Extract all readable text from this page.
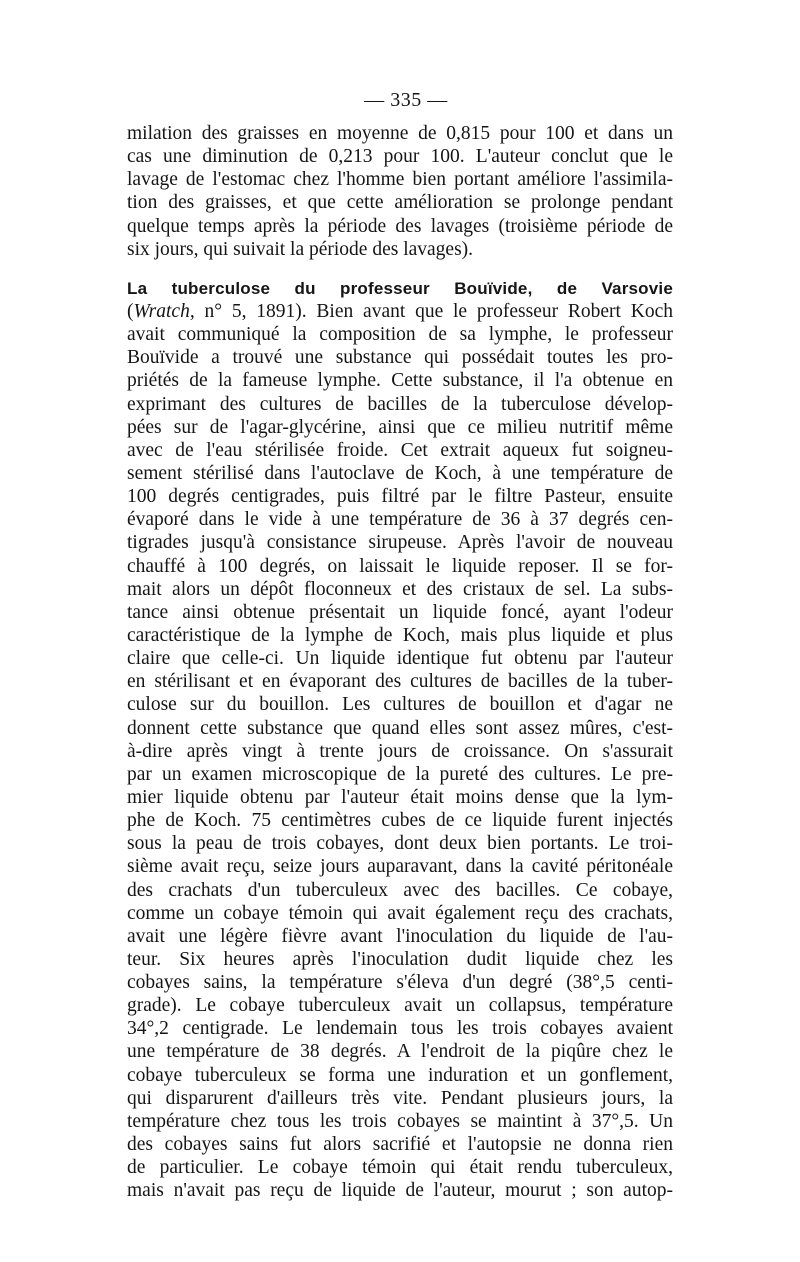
— 335 —
milation des graisses en moyenne de 0,815 pour 100 et dans un
cas une diminution de 0,213 pour 100. L'auteur conclut que le
lavage de l'estomac chez l'homme bien portant améliore l'assimila-
tion des graisses, et que cette amélioration se prolonge pendant
quelque temps après la période des lavages (troisième période de
six jours, qui suivait la période des lavages).
La tuberculose du professeur Bouïvide, de Varsovie
(Wratch, n° 5, 1891). Bien avant que le professeur Robert Koch
avait communiqué la composition de sa lymphe, le professeur
Bouïvide a trouvé une substance qui possédait toutes les pro-
priétés de la fameuse lymphe. Cette substance, il l'a obtenue en
exprimant des cultures de bacilles de la tuberculose dévelop-
pées sur de l'agar-glycérine, ainsi que ce milieu nutritif même
avec de l'eau stérilisée froide. Cet extrait aqueux fut soigneu-
sement stérilisé dans l'autoclave de Koch, à une température de
100 degrés centigrades, puis filtré par le filtre Pasteur, ensuite
évaporé dans le vide à une température de 36 à 37 degrés cen-
tigrades jusqu'à consistance sirupeuse. Après l'avoir de nouveau
chauffé à 100 degrés, on laissait le liquide reposer. Il se for-
mait alors un dépôt floconneux et des cristaux de sel. La subs-
tance ainsi obtenue présentait un liquide foncé, ayant l'odeur
caractéristique de la lymphe de Koch, mais plus liquide et plus
claire que celle-ci. Un liquide identique fut obtenu par l'auteur
en stérilisant et en évaporant des cultures de bacilles de la tuber-
culose sur du bouillon. Les cultures de bouillon et d'agar ne
donnent cette substance que quand elles sont assez mûres, c'est-
à-dire après vingt à trente jours de croissance. On s'assurait
par un examen microscopique de la pureté des cultures. Le pre-
mier liquide obtenu par l'auteur était moins dense que la lym-
phe de Koch. 75 centimètres cubes de ce liquide furent injectés
sous la peau de trois cobayes, dont deux bien portants. Le troi-
sième avait reçu, seize jours auparavant, dans la cavité péritonéale
des crachats d'un tuberculeux avec des bacilles. Ce cobaye,
comme un cobaye témoin qui avait également reçu des crachats,
avait une légère fièvre avant l'inoculation du liquide de l'au-
teur. Six heures après l'inoculation dudit liquide chez les
cobayes sains, la température s'éleva d'un degré (38°,5 centi-
grade). Le cobaye tuberculeux avait un collapsus, température
34°,2 centigrade. Le lendemain tous les trois cobayes avaient
une température de 38 degrés. A l'endroit de la piqûre chez le
cobaye tuberculeux se forma une induration et un gonflement,
qui disparurent d'ailleurs très vite. Pendant plusieurs jours, la
température chez tous les trois cobayes se maintint à 37°,5. Un
des cobayes sains fut alors sacrifié et l'autopsie ne donna rien
de particulier. Le cobaye témoin qui était rendu tuberculeux,
mais n'avait pas reçu de liquide de l'auteur, mourut ; son autop-
